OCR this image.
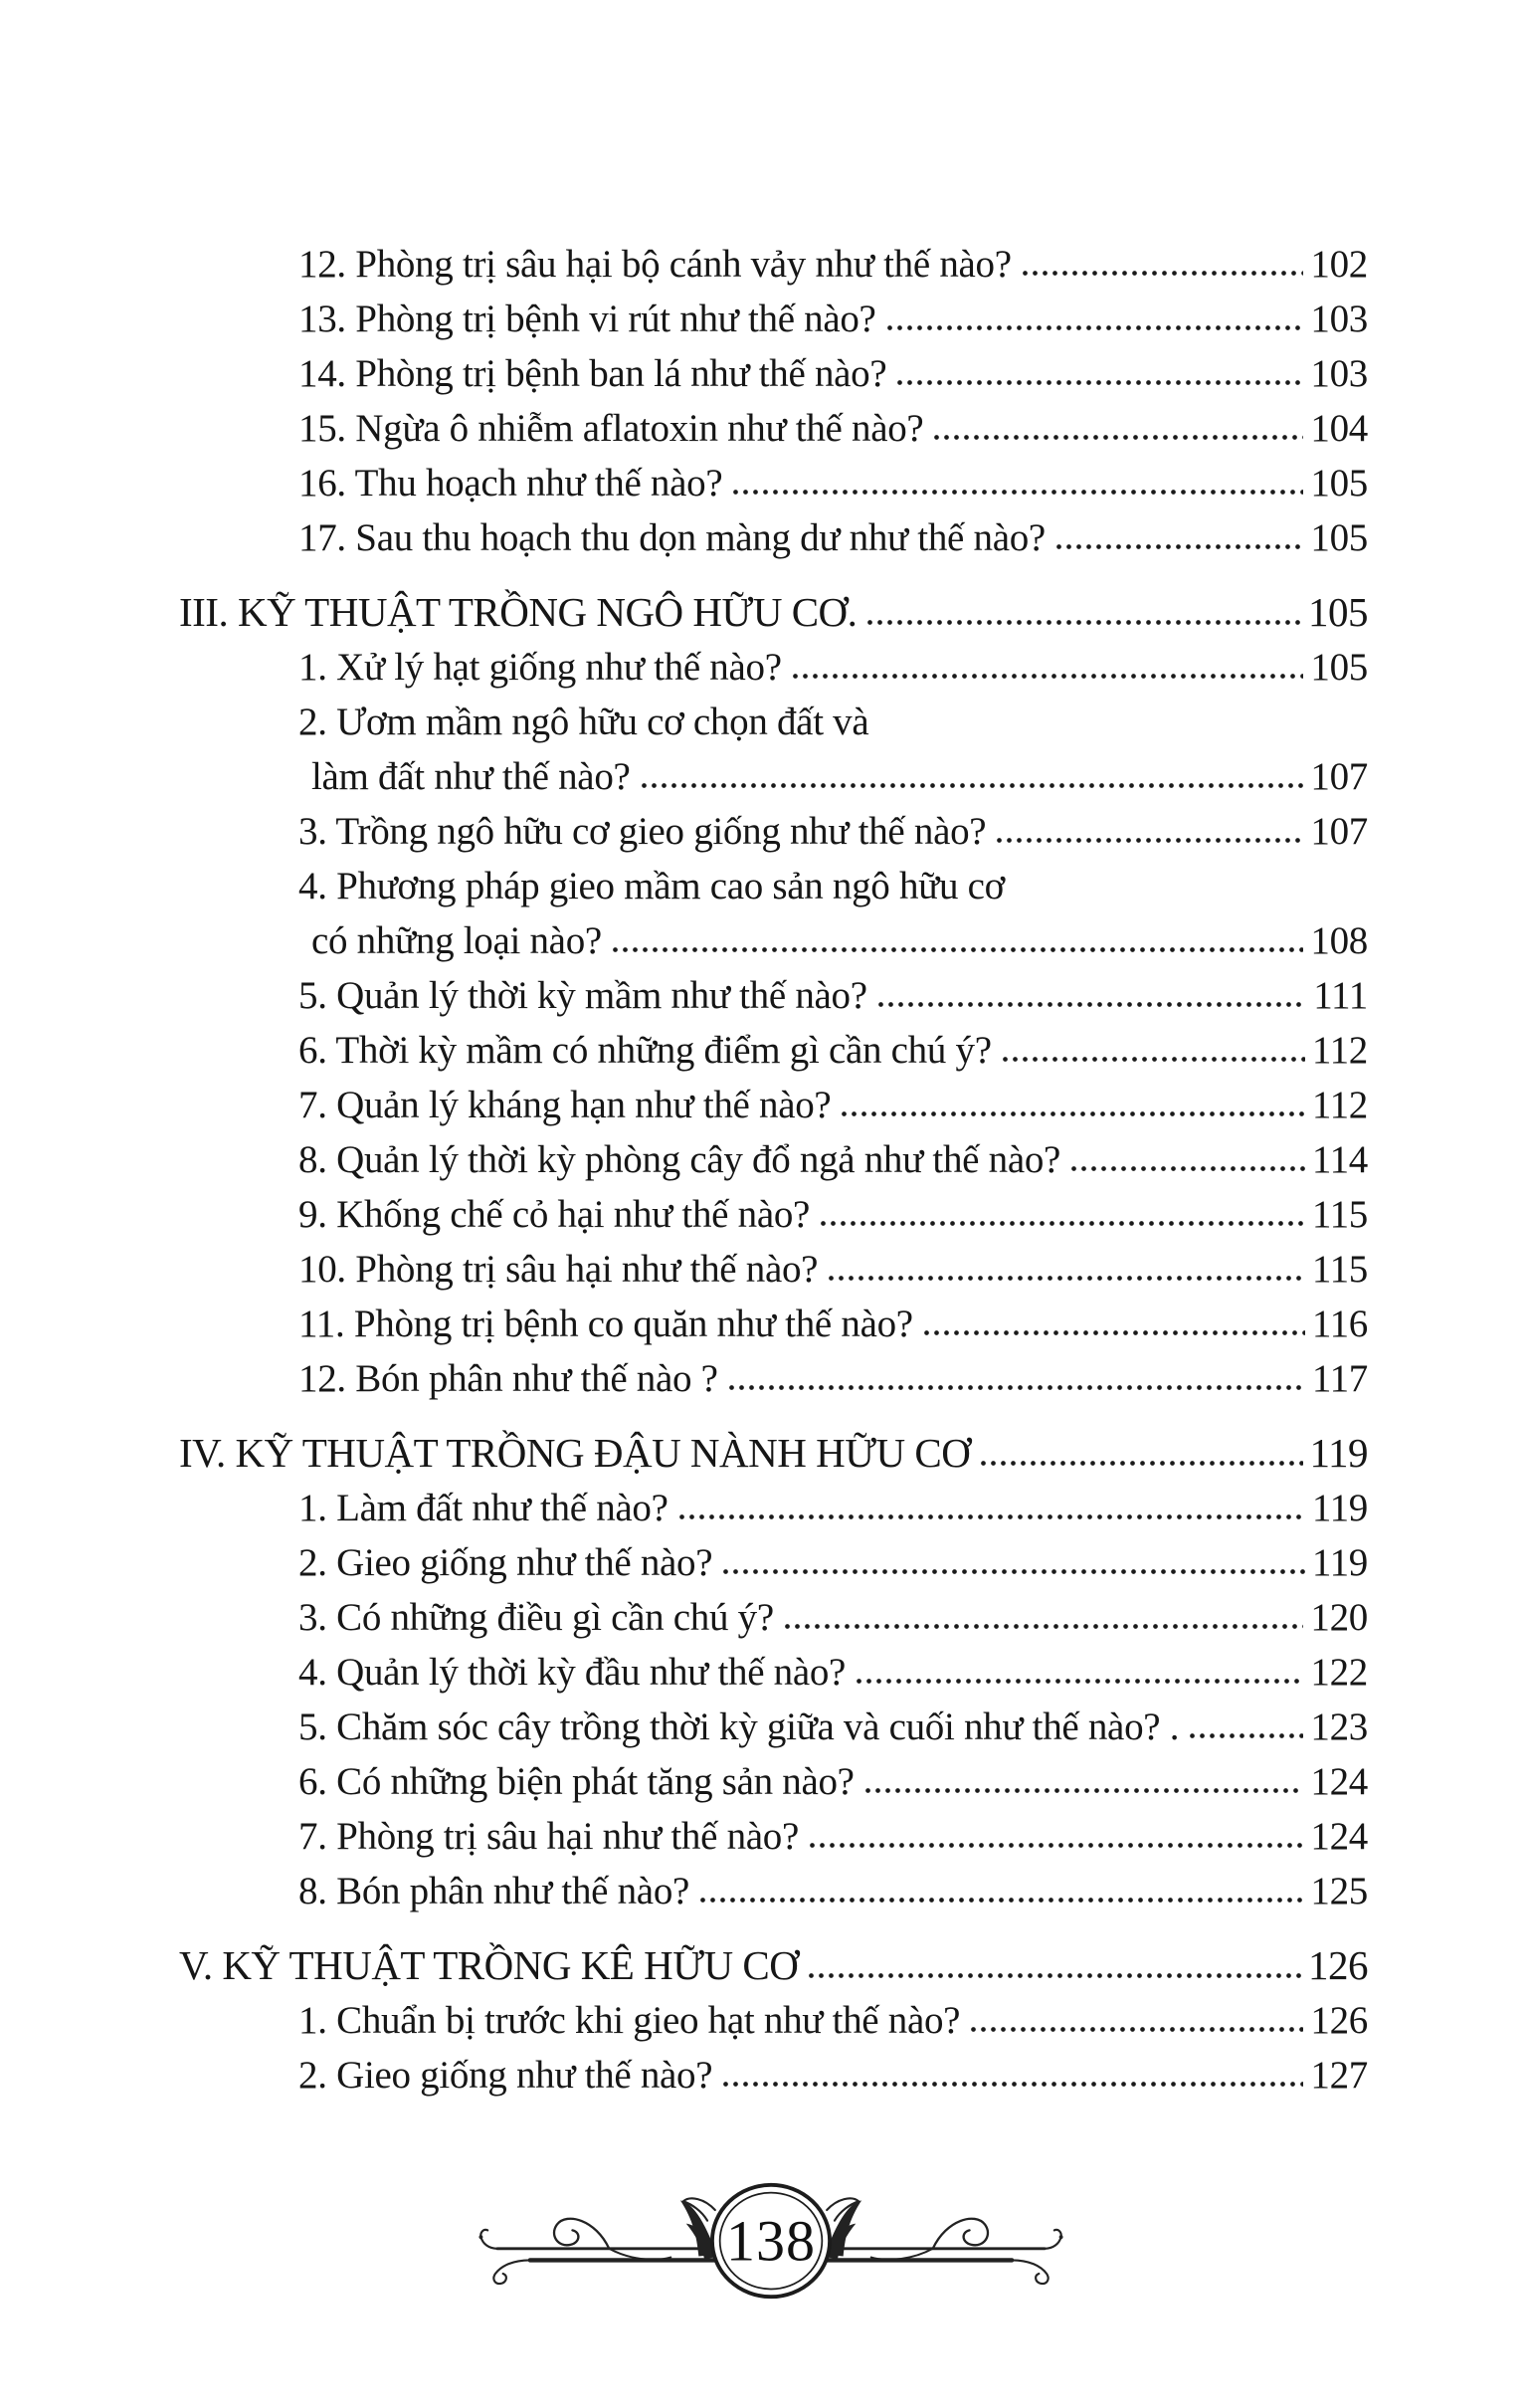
12. Phòng trị sâu hại bộ cánh vảy như thế nào?	102
13. Phòng trị bệnh vi rút như thế nào?	103
14. Phòng trị bệnh ban lá như thế nào?	103
15. Ngừa ô nhiễm aflatoxin như thế nào?	104
16. Thu hoạch như thế nào?	105
17. Sau thu hoạch thu dọn màng dư như thế nào?	105
III. KỸ THUẬT TRỒNG NGÔ HỮU CƠ.	105
1. Xử lý hạt giống như thế nào?	105
2. Ươm mầm ngô hữu cơ chọn đất và
làm đất như thế nào?	107
3. Trồng ngô hữu cơ gieo giống như thế nào?	107
4. Phương pháp gieo mầm cao sản ngô hữu cơ
có những loại nào?	108
5. Quản lý thời kỳ mầm như thế nào?	111
6. Thời kỳ mầm có những điểm gì cần chú ý?	112
7. Quản lý kháng hạn như thế nào?	112
8. Quản lý thời kỳ phòng cây đổ ngả như thế nào?	114
9. Khống chế cỏ hại như thế nào?	115
10. Phòng trị sâu hại như thế nào?	115
11. Phòng trị bệnh co quăn như thế nào?	116
12. Bón phân như thế nào ?	117
IV. KỸ THUẬT TRỒNG ĐẬU NÀNH HỮU CƠ	119
1. Làm đất như thế nào?	119
2. Gieo giống như thế nào?	119
3. Có những điều gì cần chú ý?	120
4. Quản lý thời kỳ đầu như thế nào?	122
5. Chăm sóc cây trồng thời kỳ giữa và cuối như thế nào? .	123
6. Có những biện phát tăng sản nào?	124
7. Phòng trị sâu hại như thế nào?	124
8. Bón phân như thế nào?	125
V. KỸ THUẬT TRỒNG KÊ HỮU CƠ	126
1. Chuẩn bị trước khi gieo hạt như thế nào?	126
2. Gieo giống như thế nào?	127
138
